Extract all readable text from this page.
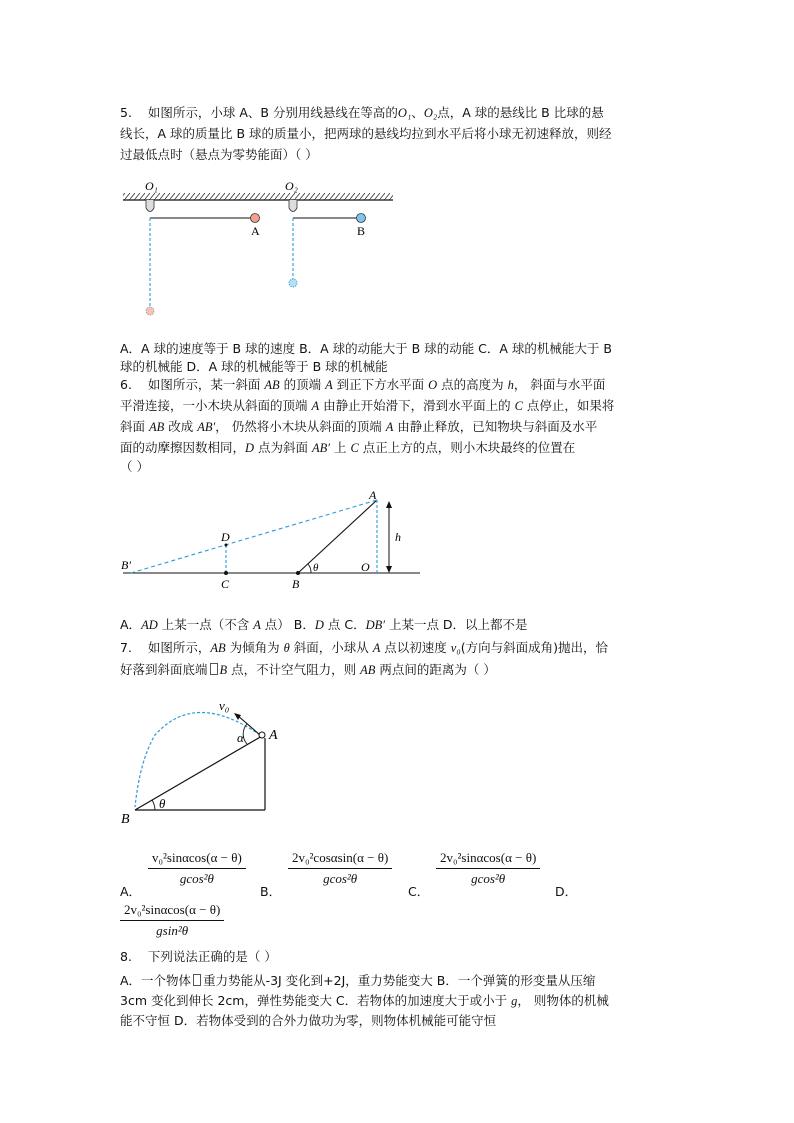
5. 如图所示，小球 A、B 分别用线悬线在等高的O₁、O₂点，A 球的悬线比 B 比球的悬
线长，A 球的质量比 B 球的质量小，把两球的悬线均拉到水平后将小球无初速释放，则经
过最低点时（悬点为零势能面）（ ）
O₁	O₂
A	B
A．A 球的速度等于 B 球的速度 B．A 球的动能大于 B 球的动能 C．A 球的机械能大于 B
球的机械能 D．A 球的机械能等于 B 球的机械能
6. 如图所示，某一斜面 AB 的顶端 A 到正下方水平面 O 点的高度为 h， 斜面与水平面
平滑连接，一小木块从斜面的顶端 A 由静止开始滑下，滑到水平面上的 C 点停止，如果将
斜面 AB 改成 AB′， 仍然将小木块从斜面的顶端 A 由静止释放，已知物块与斜面及水平
面的动摩擦因数相同，D 点为斜面 AB′ 上 C 点正上方的点，则小木块最终的位置在
（ ）
A
B′
D
C	B
O
h
θ
A．AD 上某一点（不含 A 点） B．D 点 C．DB′ 上某一点 D．以上都不是
7. 如图所示，AB 为倾角为 θ 斜面，小球从 A 点以初速度 v₀(方向与斜面成角)抛出，恰
好落到斜面底端 B 点，不计空气阻力，则 AB 两点间的距离为（ ）
v₀
α A
B
θ
$\frac{\text{v₀²sinαcos(α − θ)}}{\text{gcos²θ}}$
A．
$\frac{\text{2v₀²cosαsin(α − θ)}}{\text{gcos²θ}}$
B．
$\frac{\text{2v₀²sinαcos(α − θ)}}{\text{gcos²θ}}$
C．	D．
$\frac{\text{2v₀²sinαcos(α − θ)}}{\text{gsin²θ}}$
8. 下列说法正确的是（ ）
A．一个物体 重力势能从-3J 变化到+2J，重力势能变大 B．一个弹簧的形变量从压缩
3cm 变化到伸长 2cm，弹性势能变大 C．若物体的加速度大于或小于 g， 则物体的机械
能不守恒 D．若物体受到的合外力做功为零，则物体机械能可能守恒
